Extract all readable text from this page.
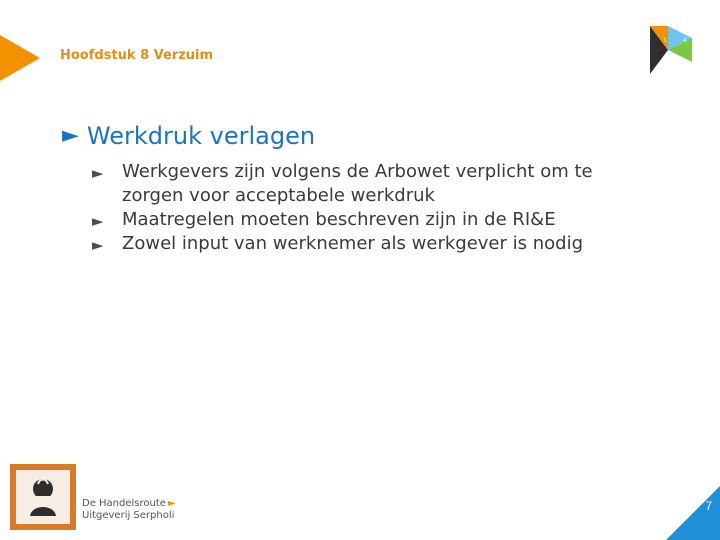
Hoofdstuk 8 Verzuim
L	4
► Werkdruk verlagen
►	Werkgevers zijn volgens de Arbowet verplicht om te zorgen voor acceptabele werkdruk
►	Maatregelen moeten beschreven zijn in de RI&E
►	Zowel input van werknemer als werkgever is nodig
De Handelsroute ►
Uitgeverij Serpholi
7
